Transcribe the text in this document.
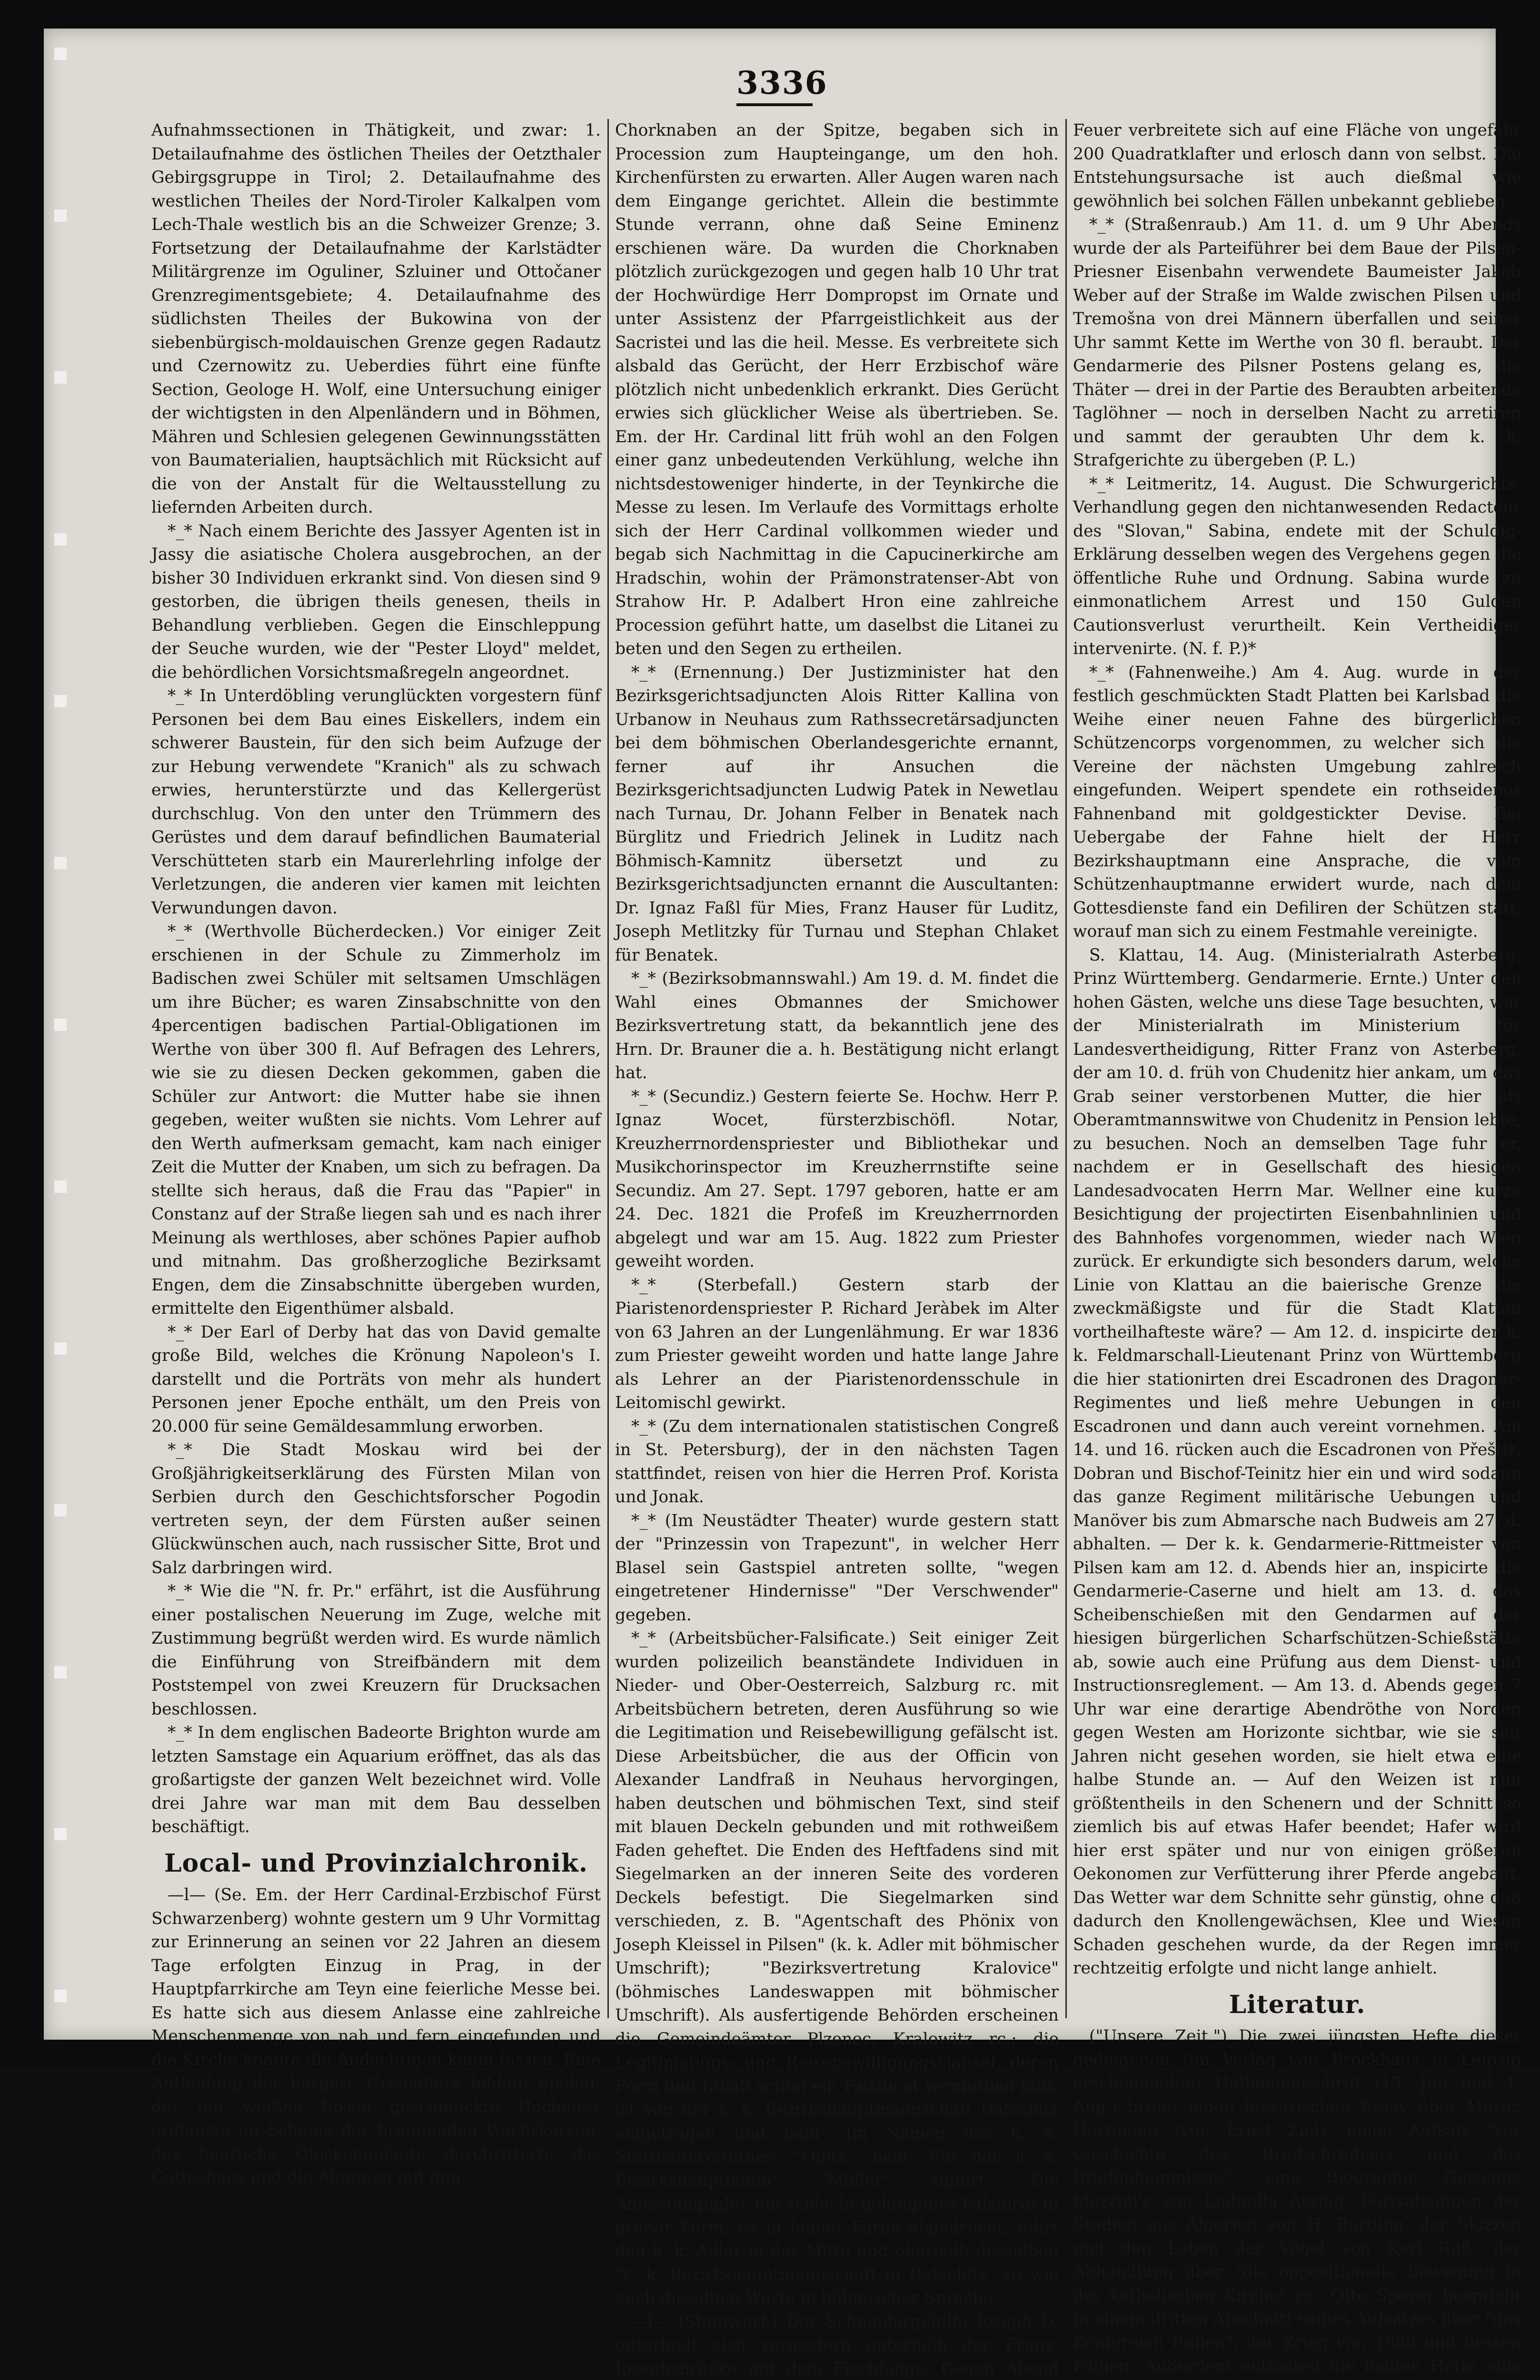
3336

Aufnahmssectionen in Thätigkeit, und zwar: 1. Detailaufnahme des östlichen Theiles der Oetzthaler Gebirgsgruppe in Tirol; 2. Detailaufnahme des westlichen Theiles der Nord-Tiroler Kalkalpen vom Lech-Thale westlich bis an die Schweizer Grenze; 3. Fortsetzung der Detailaufnahme der Karlstädter Militärgrenze im Oguliner, Szluiner und Ottočaner Grenzregimentsgebiete; 4. Detailaufnahme des südlichsten Theiles der Bukowina von der siebenbürgisch-moldauischen Grenze gegen Radautz und Czernowitz zu. Ueberdies führt eine fünfte Section, Geologe H. Wolf, eine Untersuchung einiger der wichtigsten in den Alpenländern und in Böhmen, Mähren und Schlesien gelegenen Gewinnungsstätten von Baumaterialien, hauptsächlich mit Rücksicht auf die von der Anstalt für die Weltausstellung zu liefernden Arbeiten durch.

*_* Nach einem Berichte des Jassyer Agenten ist in Jassy die asiatische Cholera ausgebrochen, an der bisher 30 Individuen erkrankt sind. Von diesen sind 9 gestorben, die übrigen theils genesen, theils in Behandlung verblieben. Gegen die Einschleppung der Seuche wurden, wie der "Pester Lloyd" meldet, die behördlichen Vorsichtsmaßregeln angeordnet.

*_* In Unterdöbling verunglückten vorgestern fünf Personen bei dem Bau eines Eiskellers, indem ein schwerer Baustein, für den sich beim Aufzuge der zur Hebung verwendete "Kranich" als zu schwach erwies, herunterstürzte und das Kellergerüst durchschlug. Von den unter den Trümmern des Gerüstes und dem darauf befindlichen Baumaterial Verschütteten starb ein Maurerlehrling infolge der Verletzungen, die anderen vier kamen mit leichten Verwundungen davon.

*_* (Werthvolle Bücherdecken.) Vor einiger Zeit erschienen in der Schule zu Zimmerholz im Badischen zwei Schüler mit seltsamen Umschlägen um ihre Bücher; es waren Zinsabschnitte von den 4percentigen badischen Partial-Obligationen im Werthe von über 300 fl. Auf Befragen des Lehrers, wie sie zu diesen Decken gekommen, gaben die Schüler zur Antwort: die Mutter habe sie ihnen gegeben, weiter wußten sie nichts. Vom Lehrer auf den Werth aufmerksam gemacht, kam nach einiger Zeit die Mutter der Knaben, um sich zu befragen. Da stellte sich heraus, daß die Frau das "Papier" in Constanz auf der Straße liegen sah und es nach ihrer Meinung als werthloses, aber schönes Papier aufhob und mitnahm. Das großherzogliche Bezirksamt Engen, dem die Zinsabschnitte übergeben wurden, ermittelte den Eigenthümer alsbald.

*_* Der Earl of Derby hat das von David gemalte große Bild, welches die Krönung Napoleon's I. darstellt und die Porträts von mehr als hundert Personen jener Epoche enthält, um den Preis von 20.000 für seine Gemäldesammlung erworben.

*_* Die Stadt Moskau wird bei der Großjährigkeitserklärung des Fürsten Milan von Serbien durch den Geschichtsforscher Pogodin vertreten seyn, der dem Fürsten außer seinen Glückwünschen auch, nach russischer Sitte, Brot und Salz darbringen wird.

*_* Wie die "N. fr. Pr." erfährt, ist die Ausführung einer postalischen Neuerung im Zuge, welche mit Zustimmung begrüßt werden wird. Es wurde nämlich die Einführung von Streifbändern mit dem Poststempel von zwei Kreuzern für Drucksachen beschlossen.

*_* In dem englischen Badeorte Brighton wurde am letzten Samstage ein Aquarium eröffnet, das als das großartigste der ganzen Welt bezeichnet wird. Volle drei Jahre war man mit dem Bau desselben beschäftigt.

Local- und Provinzialchronik.

—l— (Se. Em. der Herr Cardinal-Erzbischof Fürst Schwarzenberg) wohnte gestern um 9 Uhr Vormittag zur Erinnerung an seinen vor 22 Jahren an diesem Tage erfolgten Einzug in Prag, in der Hauptpfarrkirche am Teyn eine feierliche Messe bei. Es hatte sich aus diesem Anlasse eine zahlreiche Menschenmenge von nah und fern eingefunden und die Kirche konnte die Andächtigen kaum fassen. Eine Abtheilung der bürgerl. Grenadiere bildete Spalier, der mit weißen Rosen geschmückte Hochaltar erglänzte im Scheine der brennenden Wachskerzen, das feierliche Glockengeläute durchzitterte das Gotteshaus und die Alumnen mit den

Chorknaben an der Spitze, begaben sich in Procession zum Haupteingange, um den hoh. Kirchenfürsten zu erwarten. Aller Augen waren nach dem Eingange gerichtet. Allein die bestimmte Stunde verrann, ohne daß Seine Eminenz erschienen wäre. Da wurden die Chorknaben plötzlich zurückgezogen und gegen halb 10 Uhr trat der Hochwürdige Herr Dompropst im Ornate und unter Assistenz der Pfarrgeistlichkeit aus der Sacristei und las die heil. Messe. Es verbreitete sich alsbald das Gerücht, der Herr Erzbischof wäre plötzlich nicht unbedenklich erkrankt. Dies Gerücht erwies sich glücklicher Weise als übertrieben. Se. Em. der Hr. Cardinal litt früh wohl an den Folgen einer ganz unbedeutenden Verkühlung, welche ihn nichtsdestoweniger hinderte, in der Teynkirche die Messe zu lesen. Im Verlaufe des Vormittags erholte sich der Herr Cardinal vollkommen wieder und begab sich Nachmittag in die Capucinerkirche am Hradschin, wohin der Prämonstratenser-Abt von Strahow Hr. P. Adalbert Hron eine zahlreiche Procession geführt hatte, um daselbst die Litanei zu beten und den Segen zu ertheilen.

*_* (Ernennung.) Der Justizminister hat den Bezirksgerichtsadjuncten Alois Ritter Kallina von Urbanow in Neuhaus zum Rathssecretärsadjuncten bei dem böhmischen Oberlandesgerichte ernannt, ferner auf ihr Ansuchen die Bezirksgerichtsadjuncten Ludwig Patek in Newetlau nach Turnau, Dr. Johann Felber in Benatek nach Bürglitz und Friedrich Jelinek in Luditz nach Böhmisch-Kamnitz übersetzt und zu Bezirksgerichtsadjuncten ernannt die Auscultanten: Dr. Ignaz Faßl für Mies, Franz Hauser für Luditz, Joseph Metlitzky für Turnau und Stephan Chlaket für Benatek.

*_* (Bezirksobmannswahl.) Am 19. d. M. findet die Wahl eines Obmannes der Smichower Bezirksvertretung statt, da bekanntlich jene des Hrn. Dr. Brauner die a. h. Bestätigung nicht erlangt hat.

*_* (Secundiz.) Gestern feierte Se. Hochw. Herr P. Ignaz Wocet, fürsterzbischöfl. Notar, Kreuzherrnordenspriester und Bibliothekar und Musikchorinspector im Kreuzherrnstifte seine Secundiz. Am 27. Sept. 1797 geboren, hatte er am 24. Dec. 1821 die Profeß im Kreuzherrnorden abgelegt und war am 15. Aug. 1822 zum Priester geweiht worden.

*_* (Sterbefall.) Gestern starb der Piaristenordenspriester P. Richard Jeràbek im Alter von 63 Jahren an der Lungenlähmung. Er war 1836 zum Priester geweiht worden und hatte lange Jahre als Lehrer an der Piaristenordensschule in Leitomischl gewirkt.

*_* (Zu dem internationalen statistischen Congreß in St. Petersburg), der in den nächsten Tagen stattfindet, reisen von hier die Herren Prof. Korista und Jonak.

*_* (Im Neustädter Theater) wurde gestern statt der "Prinzessin von Trapezunt", in welcher Herr Blasel sein Gastspiel antreten sollte, "wegen eingetretener Hindernisse" "Der Verschwender" gegeben.

*_* (Arbeitsbücher-Falsificate.) Seit einiger Zeit wurden polizeilich beanständete Individuen in Nieder- und Ober-Oesterreich, Salzburg rc. mit Arbeitsbüchern betreten, deren Ausführung so wie die Legitimation und Reisebewilligung gefälscht ist. Diese Arbeitsbücher, die aus der Officin von Alexander Landfraß in Neuhaus hervorgingen, haben deutschen und böhmischen Text, sind steif mit blauen Deckeln gebunden und mit rothweißem Faden geheftet. Die Enden des Heftfadens sind mit Siegelmarken an der inneren Seite des vorderen Deckels befestigt. Die Siegelmarken sind verschieden, z. B. "Agentschaft des Phönix von Joseph Kleissel in Pilsen" (k. k. Adler mit böhmischer Umschrift); "Bezirksvertretung Kralovice" (böhmisches Landeswappen mit böhmischer Umschrift). Als ausfertigende Behörden erscheinen die Gemeindeämter Plzenec, Kralowitz rc.; die Legitimations- und Reisebewilligungsclausel, deren Form und Inhalt schon ein Falsificat vermuthen läßt, ist von der k. k. Bezirkshauptmannschaft Datschitz eingetragen und bald "Im Namen des k. k. Statthaltereirathes" "Opitz," bald "Für den k. k. Bezirkshauptmann" "Müller" signirt. Die Amtsstampiglie, ein schlecht gelungenes Falsificat in großer Form, ist in blauer Farbe abgedruckt, führt den k. k. Adler in der Mitte und oberhalb desselben "k. k. Bezirkshauptmannschaft in Datschitz" so wie auch dieselben Worte in böhmischer Sprache.

—l— (Steinwurf.) Der Schneidergehilfe Joseph D. unterhielt sich vorgestern unterhalb der Franz-Josephsbrücke mit dem Fischfange. Gegen Abend

Feuer verbreitete sich auf eine Fläche von ungefähr 200 Quadratklafter und erlosch dann von selbst. Die Entstehungsursache ist auch dießmal wie gewöhnlich bei solchen Fällen unbekannt geblieben.

*_* (Straßenraub.) Am 11. d. um 9 Uhr Abends wurde der als Parteiführer bei dem Baue der Pilsen-Priesner Eisenbahn verwendete Baumeister Jakob Weber auf der Straße im Walde zwischen Pilsen und Tremošna von drei Männern überfallen und seiner Uhr sammt Kette im Werthe von 30 fl. beraubt. Der Gendarmerie des Pilsner Postens gelang es, die Thäter — drei in der Partie des Beraubten arbeitende Taglöhner — noch in derselben Nacht zu arretiren und sammt der geraubten Uhr dem k. k. Strafgerichte zu übergeben (P. L.)

*_* Leitmeritz, 14. August. Die Schwurgerichts-Verhandlung gegen den nichtanwesenden Redacteur des "Slovan," Sabina, endete mit der Schuldig-Erklärung desselben wegen des Vergehens gegen die öffentliche Ruhe und Ordnung. Sabina wurde zu einmonatlichem Arrest und 150 Gulden Cautionsverlust verurtheilt. Kein Vertheidiger intervenirte. (N. f. P.)*

*_* (Fahnenweihe.) Am 4. Aug. wurde in der festlich geschmückten Stadt Platten bei Karlsbad die Weihe einer neuen Fahne des bürgerlichen Schützencorps vorgenommen, zu welcher sich die Vereine der nächsten Umgebung zahlreich eingefunden. Weipert spendete ein rothseidenes Fahnenband mit goldgestickter Devise. Bei Uebergabe der Fahne hielt der Herr Bezirkshauptmann eine Ansprache, die vom Schützenhauptmanne erwidert wurde, nach dem Gottesdienste fand ein Defiliren der Schützen statt, worauf man sich zu einem Festmahle vereinigte.

S. Klattau, 14. Aug. (Ministerialrath Asterberg. Prinz Württemberg. Gendarmerie. Ernte.) Unter den hohen Gästen, welche uns diese Tage besuchten, war der Ministerialrath im Ministerium für Landesvertheidigung, Ritter Franz von Asterberg, der am 10. d. früh von Chudenitz hier ankam, um das Grab seiner verstorbenen Mutter, die hier als Oberamtmannswitwe von Chudenitz in Pension lebte, zu besuchen. Noch an demselben Tage fuhr er, nachdem er in Gesellschaft des hiesigen Landesadvocaten Herrn Mar. Wellner eine kurze Besichtigung der projectirten Eisenbahnlinien und des Bahnhofes vorgenommen, wieder nach Wien zurück. Er erkundigte sich besonders darum, welche Linie von Klattau an die baierische Grenze die zweckmäßigste und für die Stadt Klattau vortheilhafteste wäre? — Am 12. d. inspicirte der k. k. Feldmarschall-Lieutenant Prinz von Württemberg die hier stationirten drei Escadronen des Dragoner-Regimentes und ließ mehre Uebungen in den Escadronen und dann auch vereint vornehmen. Am 14. und 16. rücken auch die Escadronen von Přeštiz, Dobran und Bischof-Teinitz hier ein und wird sodann das ganze Regiment militärische Uebungen und Manöver bis zum Abmarsche nach Budweis am 27. d. abhalten. — Der k. k. Gendarmerie-Rittmeister von Pilsen kam am 12. d. Abends hier an, inspicirte die Gendarmerie-Caserne und hielt am 13. d. das Scheibenschießen mit den Gendarmen auf der hiesigen bürgerlichen Scharfschützen-Schießstätte ab, sowie auch eine Prüfung aus dem Dienst- und Instructionsreglement. — Am 13. d. Abends gegen 7 Uhr war eine derartige Abendröthe von Norden gegen Westen am Horizonte sichtbar, wie sie seit Jahren nicht gesehen worden, sie hielt etwa eine halbe Stunde an. — Auf den Weizen ist nun größtentheils in den Schenern und der Schnitt so ziemlich bis auf etwas Hafer beendet; Hafer wird hier erst später und nur von einigen größeren Oekonomen zur Verfütterung ihrer Pferde angebaut. Das Wetter war dem Schnitte sehr günstig, ohne daß dadurch den Knollengewächsen, Klee und Wiesen Schaden geschehen wurde, da der Regen immer rechtzeitig erfolgte und nicht lange anhielt.

Literatur.

("Unsere Zeit.") Die zwei jüngsten Hefte dieser gediegenen (im Verlag von Brockhaus in Leipzig erscheinenden) Halbmonatschrift (15. Juli und 1. Aug.) bringt einen literarischen Essay über Moritz Hartmann (von Ernst Ziel), einen Aufsatz "zur Geschichte des Briefschreibens und des Briefgeheimnisses", eine Biographie Giuseppe Mazzini's von Ludmilla Assing, Fortsetzungen der Studien aus Algerien von H. Bartling, der Skizzen und den Leben der Vögel von Karl Ruß, der Abhandlung über "die oppositionelle Bewegung in der katholischen Kirche" rc., Otto Speyer bespricht in einem dritten Abschnitt seines Aufsatzes über "das Königreich Italien", der Krieg von 1866 und dessen Folgen. Außerdem enthalten die beiden Hefte eine
